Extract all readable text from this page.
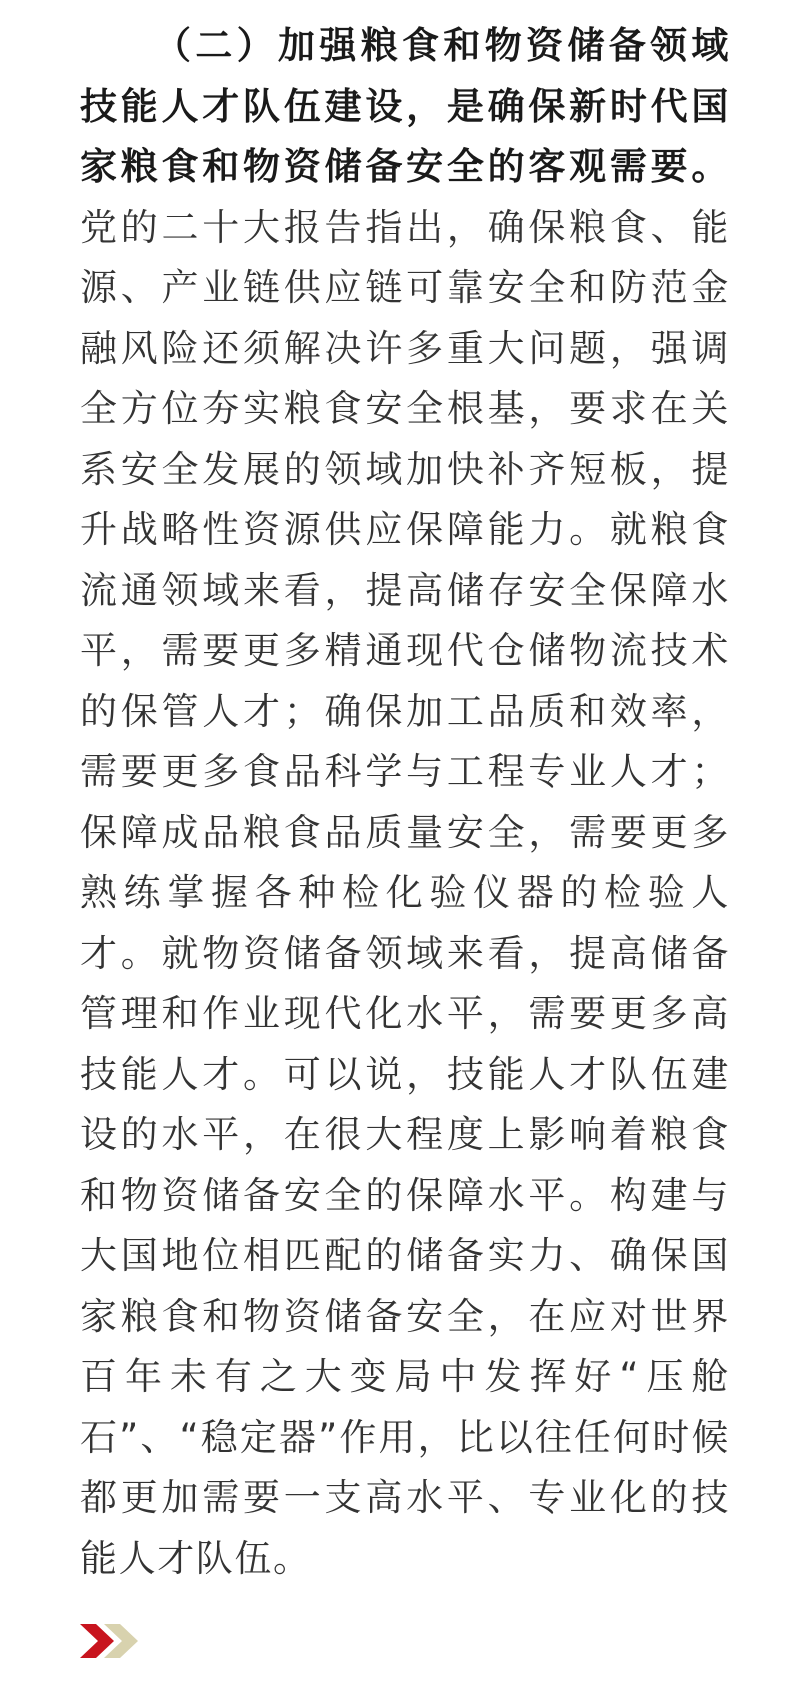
（二）加强粮食和物资储备领域技能人才队伍建设，是确保新时代国家粮食和物资储备安全的客观需要。党的二十大报告指出，确保粮食、能源、产业链供应链可靠安全和防范金融风险还须解决许多重大问题，强调全方位夯实粮食安全根基，要求在关系安全发展的领域加快补齐短板，提升战略性资源供应保障能力。就粮食流通领域来看，提高储存安全保障水平，需要更多精通现代仓储物流技术的保管人才；确保加工品质和效率，需要更多食品科学与工程专业人才；保障成品粮食品质量安全，需要更多熟练掌握各种检化验仪器的检验人才。就物资储备领域来看，提高储备管理和作业现代化水平，需要更多高技能人才。可以说，技能人才队伍建设的水平，在很大程度上影响着粮食和物资储备安全的保障水平。构建与大国地位相匹配的储备实力、确保国家粮食和物资储备安全，在应对世界百年未有之大变局中发挥好“压舱石”、“稳定器”作用，比以往任何时候都更加需要一支高水平、专业化的技能人才队伍。
